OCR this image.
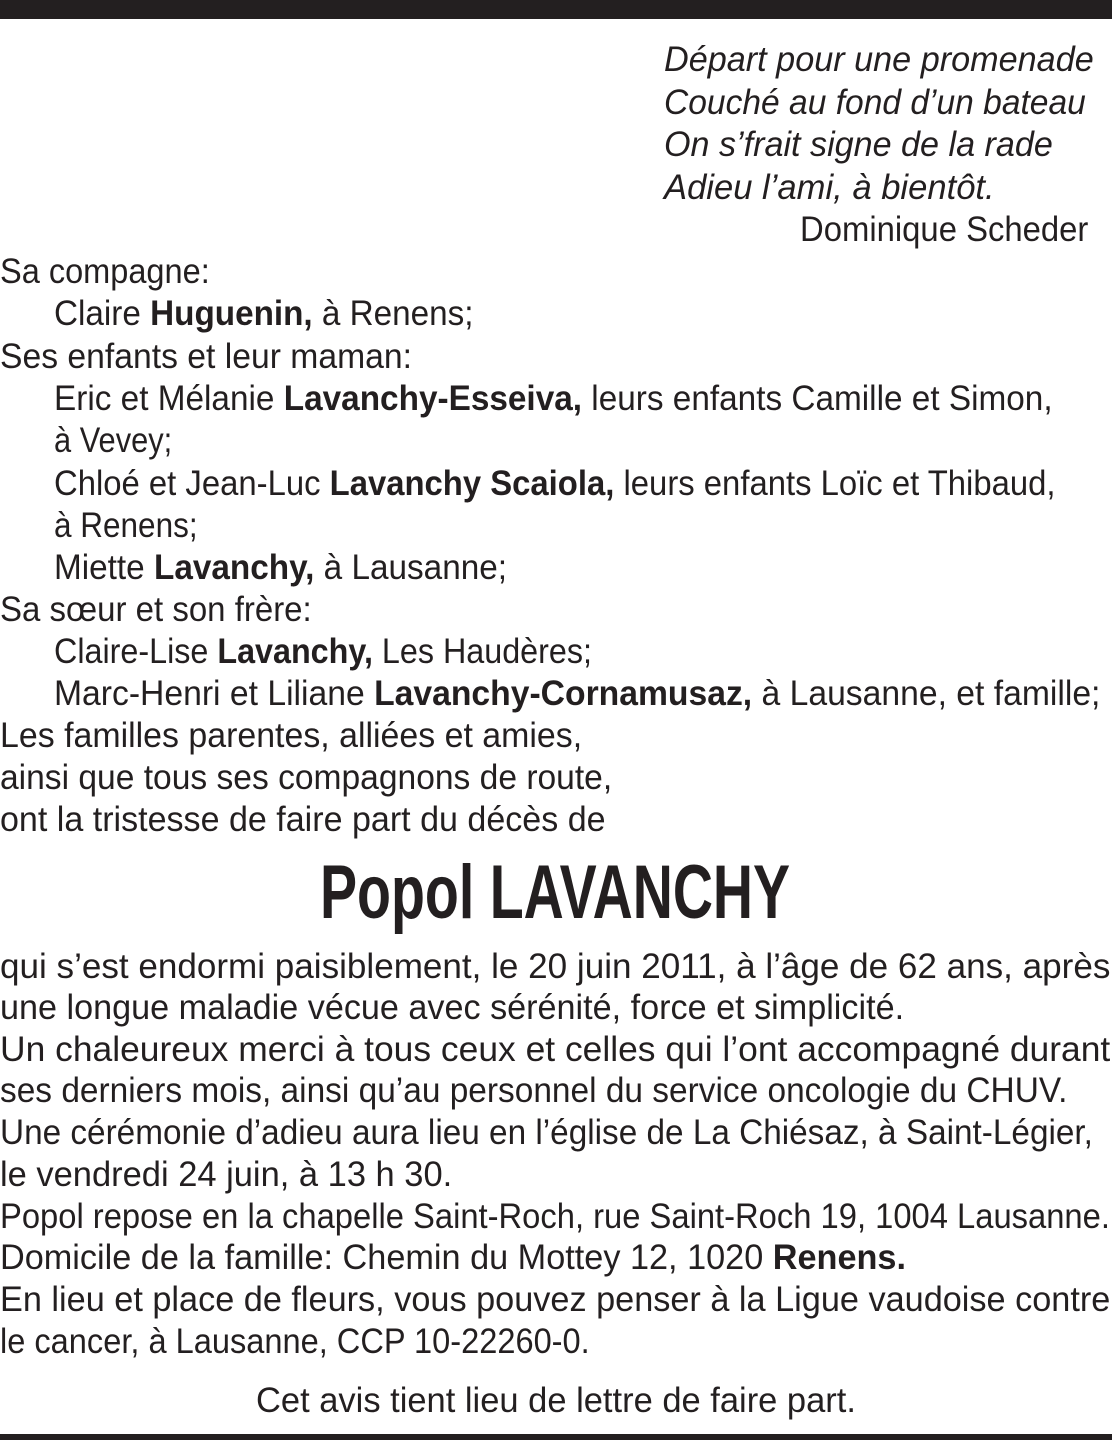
Départ pour une promenade
Couché au fond d’un bateau
On s’frait signe de la rade
Adieu l’ami, à bientôt.
Dominique Scheder
Sa compagne:
Claire Huguenin, à Renens;
Ses enfants et leur maman:
Eric et Mélanie Lavanchy-Esseiva, leurs enfants Camille et Simon,
à Vevey;
Chloé et Jean-Luc Lavanchy Scaiola, leurs enfants Loïc et Thibaud,
à Renens;
Miette Lavanchy, à Lausanne;
Sa sœur et son frère:
Claire-Lise Lavanchy, Les Haudères;
Marc-Henri et Liliane Lavanchy-Cornamusaz, à Lausanne, et famille;
Les familles parentes, alliées et amies,
ainsi que tous ses compagnons de route,
ont la tristesse de faire part du décès de
Popol LAVANCHY
qui s’est endormi paisiblement, le 20 juin 2011, à l’âge de 62 ans, après
une longue maladie vécue avec sérénité, force et simplicité.
Un chaleureux merci à tous ceux et celles qui l’ont accompagné durant
ses derniers mois, ainsi qu’au personnel du service oncologie du CHUV.
Une cérémonie d’adieu aura lieu en l’église de La Chiésaz, à Saint-Légier,
le vendredi 24 juin, à 13 h 30.
Popol repose en la chapelle Saint-Roch, rue Saint-Roch 19, 1004 Lausanne.
Domicile de la famille: Chemin du Mottey 12, 1020 Renens.
En lieu et place de fleurs, vous pouvez penser à la Ligue vaudoise contre
le cancer, à Lausanne, CCP 10-22260-0.
Cet avis tient lieu de lettre de faire part.
